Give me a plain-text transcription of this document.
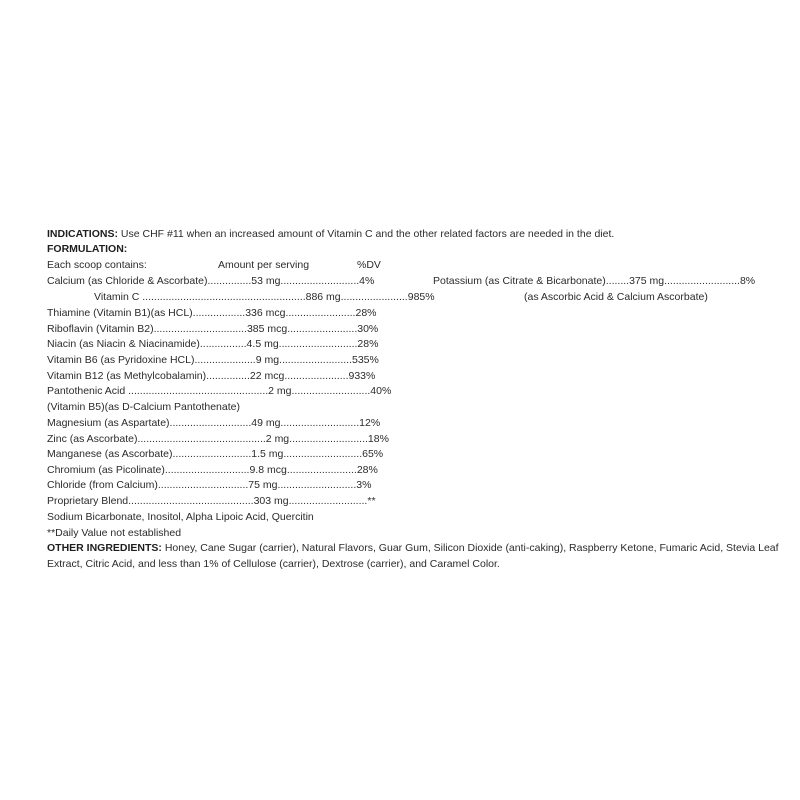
INDICATIONS: Use CHF #11 when an increased amount of Vitamin C and the other related factors are needed in the diet.
FORMULATION:
Each scoop contains:	Amount per serving	%DV
Calcium (as Chloride & Ascorbate)...............53 mg...........................4%	Potassium (as Citrate & Bicarbonate)........375 mg..........................8%
Vitamin C ........................................................886 mg.......................985%	(as Ascorbic Acid & Calcium Ascorbate)
Thiamine (Vitamin B1)(as HCL)..................336 mcg........................28%
Riboflavin (Vitamin B2)................................385 mcg........................30%
Niacin (as Niacin & Niacinamide)................4.5 mg...........................28%
Vitamin B6 (as Pyridoxine HCL).....................9 mg.........................535%
Vitamin B12 (as Methylcobalamin)...............22 mcg......................933%
Pantothenic Acid ................................................2 mg...........................40%
(Vitamin B5)(as D-Calcium Pantothenate)
Magnesium (as Aspartate)............................49 mg...........................12%
Zinc (as Ascorbate)............................................2 mg...........................18%
Manganese (as Ascorbate)...........................1.5 mg...........................65%
Chromium (as Picolinate).............................9.8 mcg........................28%
Chloride (from Calcium)...............................75 mg...........................3%
Proprietary Blend...........................................303 mg...........................**
Sodium Bicarbonate, Inositol, Alpha Lipoic Acid, Quercitin
**Daily Value not established
OTHER INGREDIENTS: Honey, Cane Sugar (carrier), Natural Flavors, Guar Gum, Silicon Dioxide (anti-caking), Raspberry Ketone, Fumaric Acid, Stevia Leaf
Extract, Citric Acid, and less than 1% of Cellulose (carrier), Dextrose (carrier), and Caramel Color.
